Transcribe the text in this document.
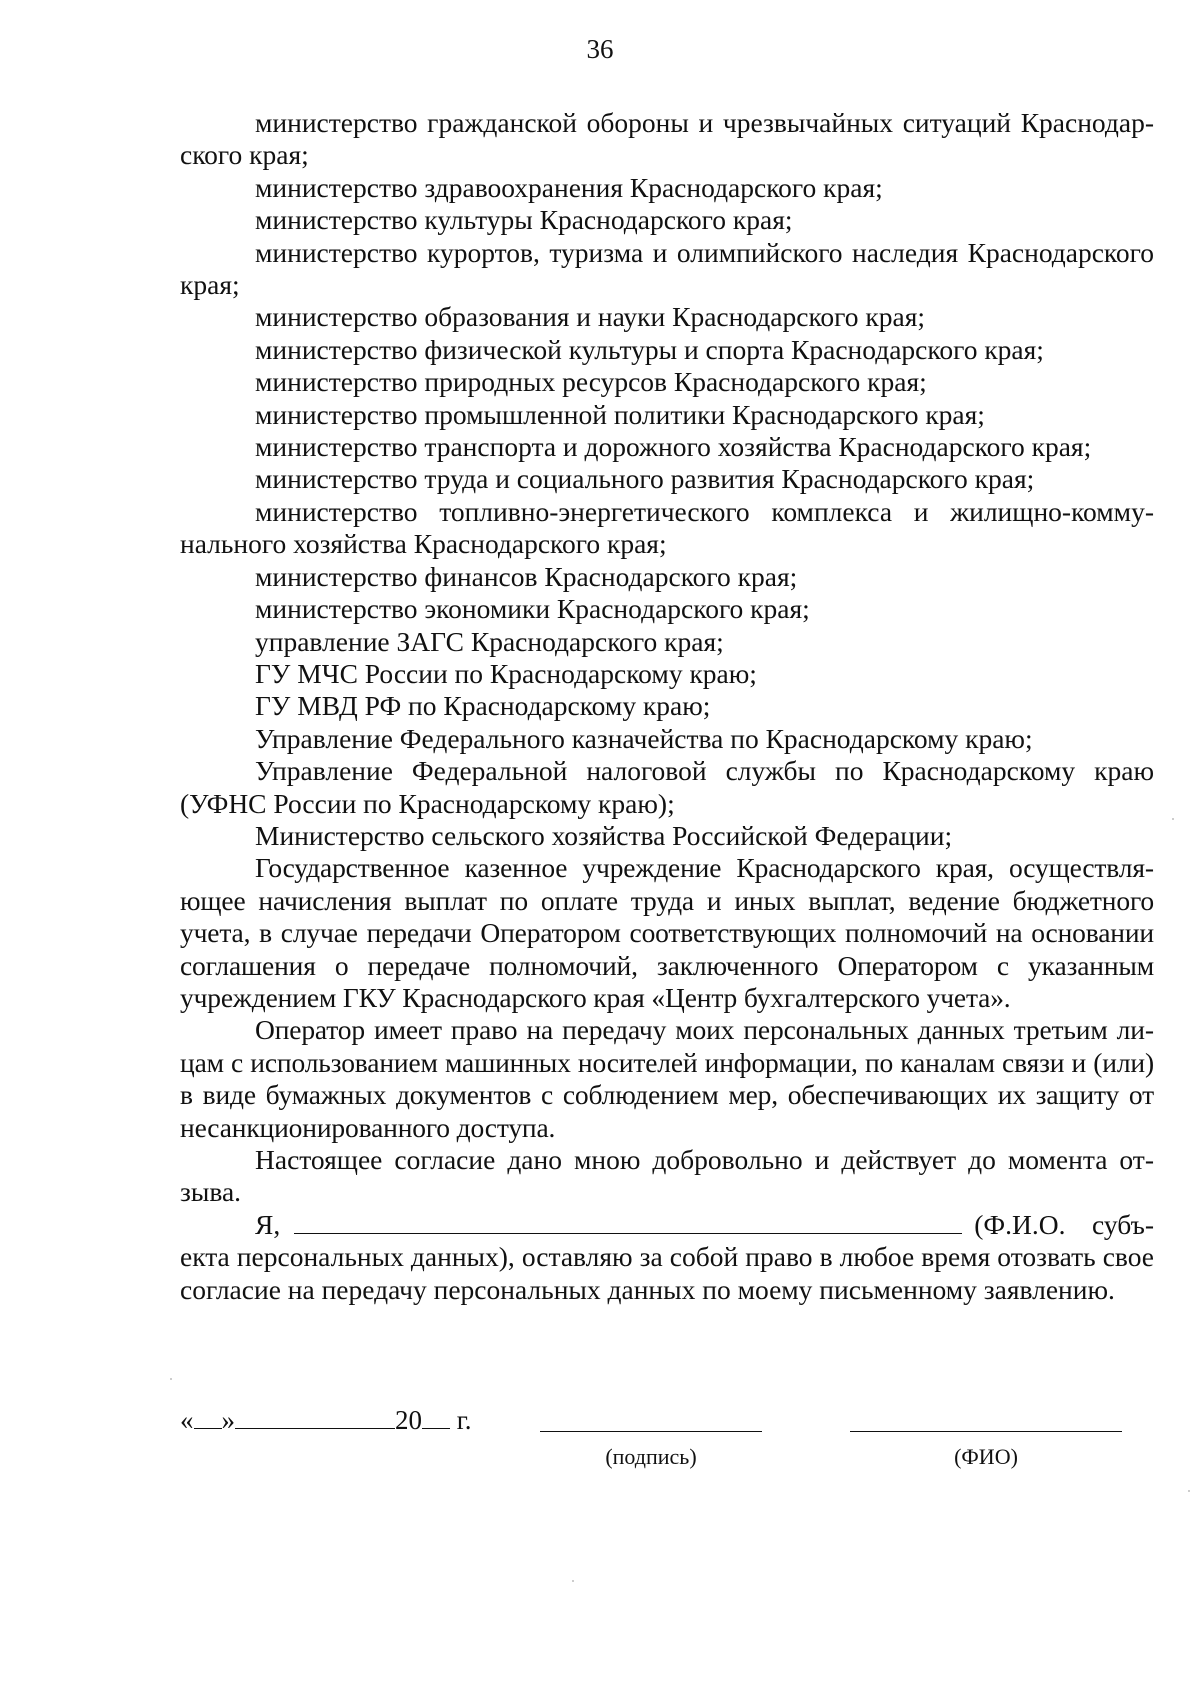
36

министерство гражданской обороны и чрезвычайных ситуаций Краснодарского края;

министерство здравоохранения Краснодарского края;

министерство культуры Краснодарского края;

министерство курортов, туризма и олимпийского наследия Краснодарского края;

министерство образования и науки Краснодарского края;

министерство физической культуры и спорта Краснодарского края;

министерство природных ресурсов Краснодарского края;

министерство промышленной политики Краснодарского края;

министерство транспорта и дорожного хозяйства Краснодарского края;

министерство труда и социального развития Краснодарского края;

министерство топливно-энергетического комплекса и жилищно-коммунального хозяйства Краснодарского края;

министерство финансов Краснодарского края;

министерство экономики Краснодарского края;

управление ЗАГС Краснодарского края;

ГУ МЧС России по Краснодарскому краю;

ГУ МВД РФ по Краснодарскому краю;

Управление Федерального казначейства по Краснодарскому краю;

Управление Федеральной налоговой службы по Краснодарскому краю (УФНС России по Краснодарскому краю);

Министерство сельского хозяйства Российской Федерации;

Государственное казенное учреждение Краснодарского края, осуществляющее начисления выплат по оплате труда и иных выплат, ведение бюджетного учета, в случае передачи Оператором соответствующих полномочий на основании соглашения о передаче полномочий, заключенного Оператором с указанным учреждением ГКУ Краснодарского края «Центр бухгалтерского учета».

Оператор имеет право на передачу моих персональных данных третьим лицам с использованием машинных носителей информации, по каналам связи и (или) в виде бумажных документов с соблюдением мер, обеспечивающих их защиту от несанкционированного доступа.

Настоящее согласие дано мною добровольно и действует до момента отзыва.

Я,	(Ф.И.О. субъекта персональных данных), оставляю за собой право в любое время отозвать свое согласие на передачу персональных данных по моему письменному заявлению.

« »	20 г.
(подпись)	(ФИО)
